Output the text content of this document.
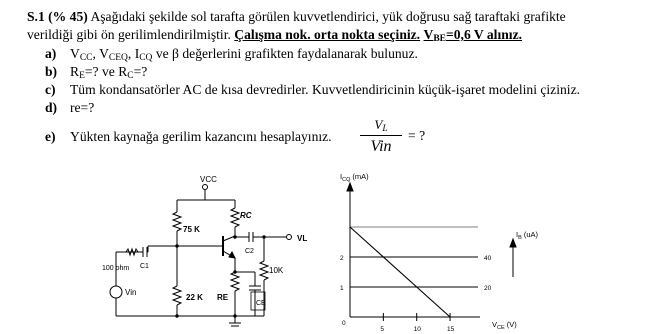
S.1 (% 45) Aşağıdaki şekilde sol tarafta görülen kuvvetlendirici, yük doğrusu sağ taraftaki grafikte
verildiği gibi ön gerilimlendirilmiştir. Çalışma nok. orta nokta seçiniz. $V_{BE}=0,6$ V alınız.
a) $V_{CC}$, $V_{CEQ}$, $I_{CQ}$ ve β değerlerini grafikten faydalanarak bulunuz.
b) $R_E=$? ve $R_C=$?
c) Tüm kondansatörler AC de kısa devredirler. Kuvvetlendiricinin küçük-işaret modelini çiziniz.
d) re=?
e) Yükten kaynağa gerilim kazancını hesaplayınız.
$V_L$
Vin
= ?
VCC
75 K
RC
C1
C2
100 ohm
Vin
22 K RE
CE
10K
VL
5	10	15
2
1
40
20
$I_{CQ}$ (mA)
$V_{CE}$ (V)
$I_B$ (uA)
0
